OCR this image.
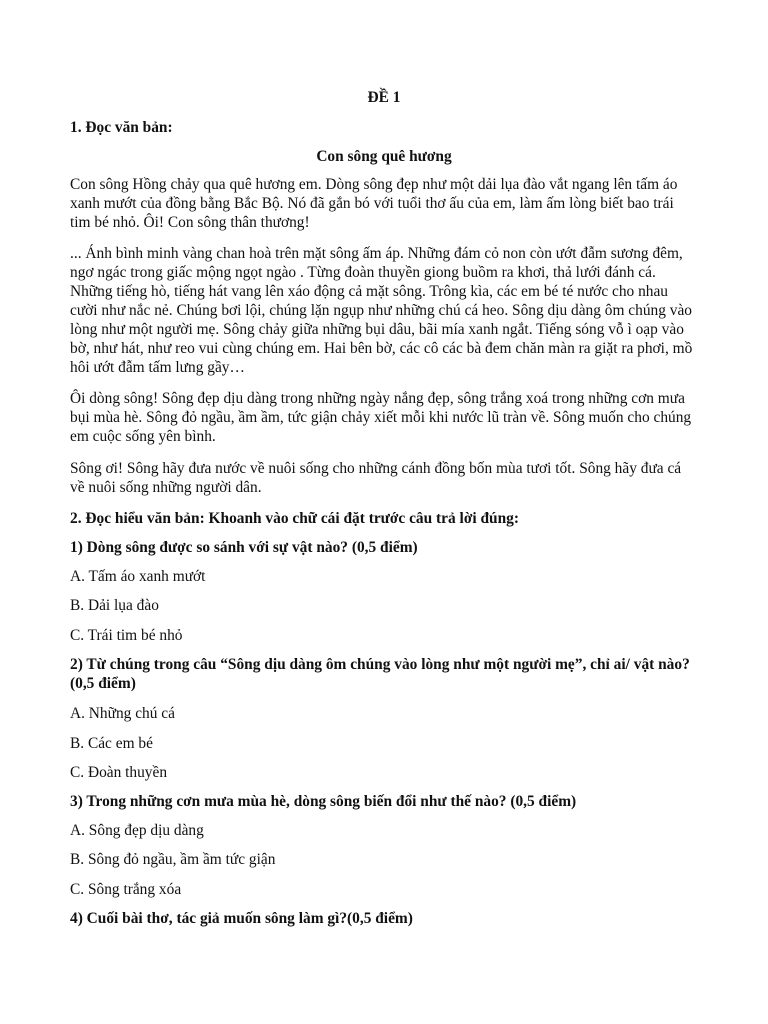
ĐỀ 1
1. Đọc văn bản:
Con sông quê hương

Con sông Hồng chảy qua quê hương em. Dòng sông đẹp như một dải lụa đào vắt ngang lên tấm áo xanh mướt của đồng bằng Bắc Bộ. Nó đã gắn bó với tuổi thơ ấu của em, làm ấm lòng biết bao trái tim bé nhỏ. Ôi! Con sông thân thương!

... Ánh bình minh vàng chan hoà trên mặt sông ấm áp. Những đám cỏ non còn ướt đẫm sương đêm, ngơ ngác trong giấc mộng ngọt ngào . Từng đoàn thuyền giong buồm ra khơi, thả lưới đánh cá. Những tiếng hò, tiếng hát vang lên xáo động cả mặt sông. Trông kìa, các em bé té nước cho nhau cười như nắc nẻ. Chúng bơi lội, chúng lặn ngụp như những chú cá heo. Sông dịu dàng ôm chúng vào lòng như một người mẹ. Sông chảy giữa những bụi dâu, bãi mía xanh ngắt. Tiếng sóng vỗ ì oạp vào bờ, như hát, như reo vui cùng chúng em. Hai bên bờ, các cô các bà đem chăn màn ra giặt ra phơi, mồ hôi ướt đẫm tấm lưng gầy…

Ôi dòng sông! Sông đẹp dịu dàng trong những ngày nắng đẹp, sông trắng xoá trong những cơn mưa bụi mùa hè. Sông đỏ ngầu, ầm ầm, tức giận chảy xiết mỗi khi nước lũ tràn về. Sông muốn cho chúng em cuộc sống yên bình.

Sông ơi! Sông hãy đưa nước về nuôi sống cho những cánh đồng bốn mùa tươi tốt. Sông hãy đưa cá về nuôi sống những người dân.

2. Đọc hiểu văn bản: Khoanh vào chữ cái đặt trước câu trả lời đúng:

1) Dòng sông được so sánh với sự vật nào? (0,5 điểm)

A. Tấm áo xanh mướt

B. Dải lụa đào

C. Trái tim bé nhỏ

2) Từ chúng trong câu “Sông dịu dàng ôm chúng vào lòng như một người mẹ”, chỉ ai/ vật nào? (0,5 điểm)

A. Những chú cá

B. Các em bé

C. Đoàn thuyền

3) Trong những cơn mưa mùa hè, dòng sông biến đổi như thế nào? (0,5 điểm)

A. Sông đẹp dịu dàng

B. Sông đỏ ngầu, ầm ầm tức giận

C. Sông trắng xóa

4) Cuối bài thơ, tác giả muốn sông làm gì?(0,5 điểm)
